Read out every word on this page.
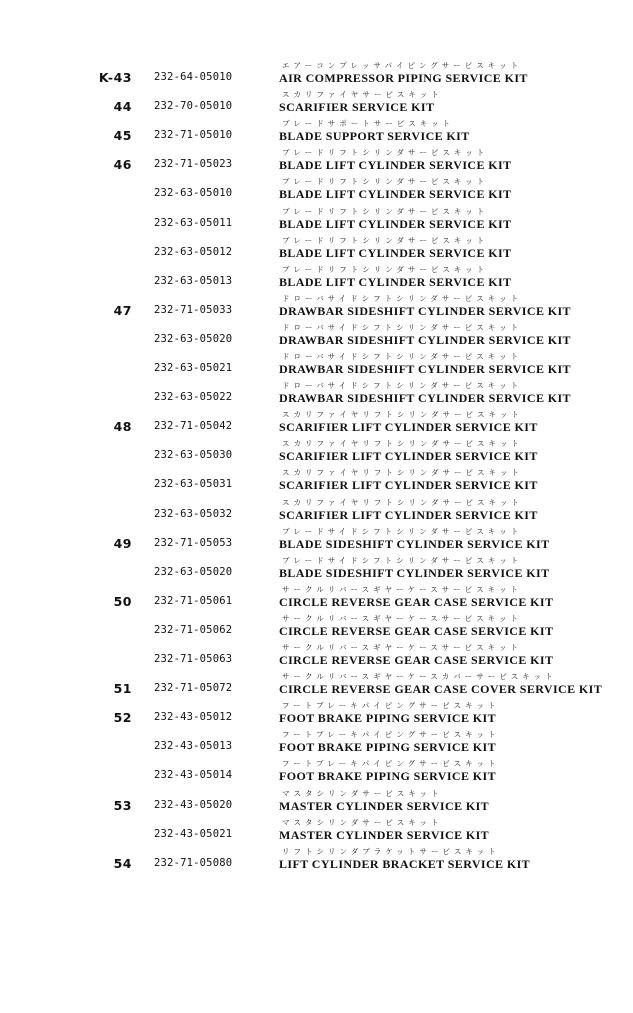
K-43 232-64-05010
エアーコンプレッサパイピングサービスキット
AIR COMPRESSOR PIPING SERVICE KIT
44 232-70-05010
スカリファイヤサービスキット
SCARIFIER SERVICE KIT
45 232-71-05010
ブレードサポートサービスキット
BLADE SUPPORT SERVICE KIT
46 232-71-05023
ブレードリフトシリンダサービスキット
BLADE LIFT CYLINDER SERVICE KIT
232-63-05010
ブレードリフトシリンダサービスキット
BLADE LIFT CYLINDER SERVICE KIT
232-63-05011
ブレードリフトシリンダサービスキット
BLADE LIFT CYLINDER SERVICE KIT
232-63-05012
ブレードリフトシリンダサービスキット
BLADE LIFT CYLINDER SERVICE KIT
232-63-05013
ブレードリフトシリンダサービスキット
BLADE LIFT CYLINDER SERVICE KIT
47 232-71-05033
ドローバサイドシフトシリンダサービスキット
DRAWBAR SIDESHIFT CYLINDER SERVICE KIT
232-63-05020
ドローバサイドシフトシリンダサービスキット
DRAWBAR SIDESHIFT CYLINDER SERVICE KIT
232-63-05021
ドローバサイドシフトシリンダサービスキット
DRAWBAR SIDESHIFT CYLINDER SERVICE KIT
232-63-05022
ドローバサイドシフトシリンダサービスキット
DRAWBAR SIDESHIFT CYLINDER SERVICE KIT
48 232-71-05042
スカリファイヤリフトシリンダサービスキット
SCARIFIER LIFT CYLINDER SERVICE KIT
232-63-05030
スカリファイヤリフトシリンダサービスキット
SCARIFIER LIFT CYLINDER SERVICE KIT
232-63-05031
スカリファイヤリフトシリンダサービスキット
SCARIFIER LIFT CYLINDER SERVICE KIT
232-63-05032
スカリファイヤリフトシリンダサービスキット
SCARIFIER LIFT CYLINDER SERVICE KIT
49 232-71-05053
ブレードサイドシフトシリンダサービスキット
BLADE SIDESHIFT CYLINDER SERVICE KIT
232-63-05020
ブレードサイドシフトシリンダサービスキット
BLADE SIDESHIFT CYLINDER SERVICE KIT
50 232-71-05061
サークルリバースギヤーケースサービスキット
CIRCLE REVERSE GEAR CASE SERVICE KIT
232-71-05062
サークルリバースギヤーケースサービスキット
CIRCLE REVERSE GEAR CASE SERVICE KIT
232-71-05063
サークルリバースギヤーケースサービスキット
CIRCLE REVERSE GEAR CASE SERVICE KIT
51 232-71-05072
サークルリバースギヤーケースカバーサービスキット
CIRCLE REVERSE GEAR CASE COVER SERVICE KIT
52 232-43-05012
フートブレーキパイピングサービスキット
FOOT BRAKE PIPING SERVICE KIT
232-43-05013
フートブレーキパイピングサービスキット
FOOT BRAKE PIPING SERVICE KIT
232-43-05014
フートブレーキパイピングサービスキット
FOOT BRAKE PIPING SERVICE KIT
53 232-43-05020
マスタシリンダサービスキット
MASTER CYLINDER SERVICE KIT
232-43-05021
マスタシリンダサービスキット
MASTER CYLINDER SERVICE KIT
54 232-71-05080
リフトシリンダブラケットサービスキット
LIFT CYLINDER BRACKET SERVICE KIT
